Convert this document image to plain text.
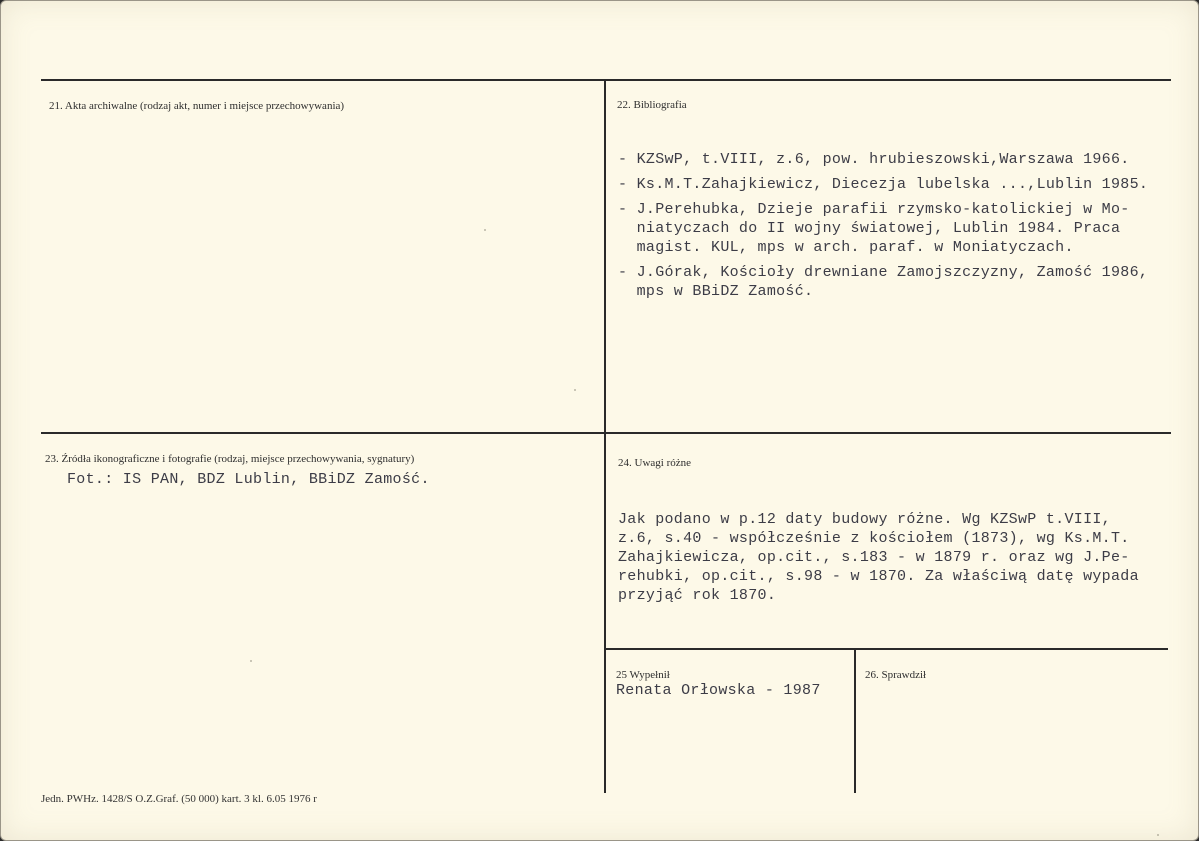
21. Akta archiwalne (rodzaj akt, numer i miejsce przechowywania)	22. Bibliografia

- KZSwP, t.VIII, z.6, pow. hrubieszowski,Warszawa 1966.
- Ks.M.T.Zahajkiewicz, Diecezja lubelska ...,Lublin 1985.
- J.Perehubka, Dzieje parafii rzymsko-katolickiej w Mo-
niatyczach do II wojny światowej, Lublin 1984. Praca
magist. KUL, mps w arch. paraf. w Moniatyczach.
- J.Górak, Kościoły drewniane Zamojszczyzny, Zamość 1986,
mps w BBiDZ Zamość.

23. Źródła ikonograficzne i fotografie (rodzaj, miejsce przechowywania, sygnatury)
Fot.: IS PAN, BDZ Lublin, BBiDZ Zamość.
24. Uwagi różne

Jak podano w p.12 daty budowy różne. Wg KZSwP t.VIII,
z.6, s.40 - współcześnie z kościołem (1873), wg Ks.M.T.
Zahajkiewicza, op.cit., s.183 - w 1879 r. oraz wg J.Pe-
rehubki, op.cit., s.98 - w 1870. Za właściwą datę wypada
przyjąć rok 1870.

25 Wypełnił
Renata Orłowska - 1987
26. Sprawdził
Jedn. PWHz. 1428/S O.Z.Graf. (50 000) kart. 3 kl. 6.05 1976 r
